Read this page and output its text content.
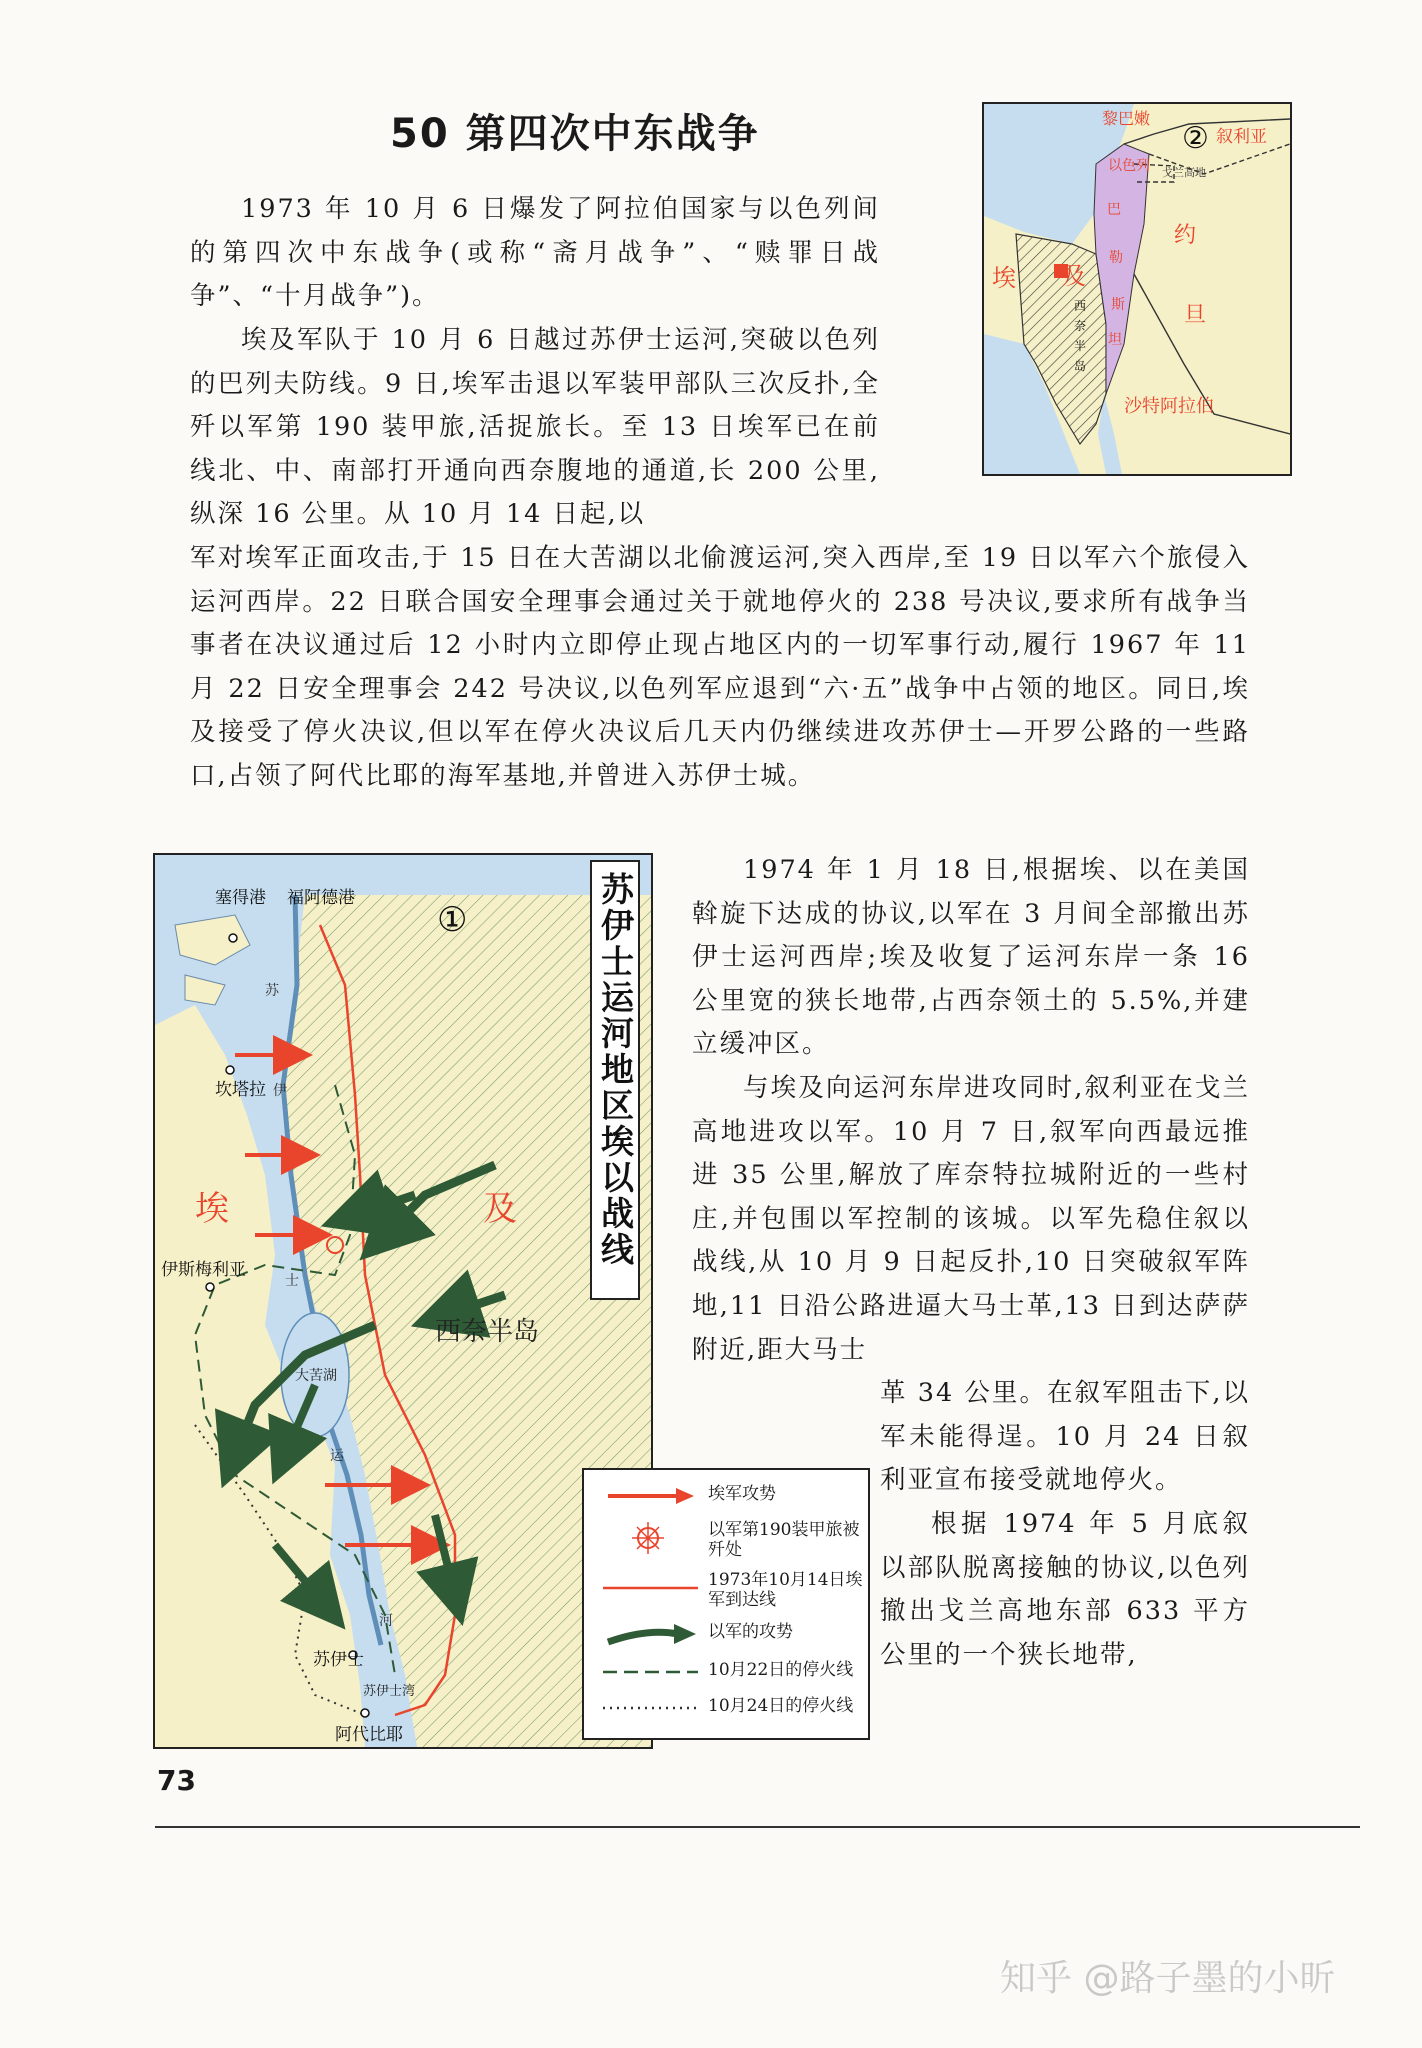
50 第四次中东战争	黎巴嫩
叙利亚
②
戈兰高地
以色列
约
旦
巴
勒
斯
坦
埃 及
西
奈
半
岛
沙特阿拉伯

1973 年 10 月 6 日爆发了阿拉伯国家与以色列间的第四次中东战争(或称“斋月战争”、“赎罪日战争”、“十月战争”)。

埃及军队于 10 月 6 日越过苏伊士运河,突破以色列的巴列夫防线。9 日,埃军击退以军装甲部队三次反扑,全歼以军第 190 装甲旅,活捉旅长。至 13 日埃军已在前线北、中、南部打开通向西奈腹地的通道,长 200 公里,纵深 16 公里。从 10 月 14 日起,以

军对埃军正面攻击,于 15 日在大苦湖以北偷渡运河,突入西岸,至 19 日以军六个旅侵入运河西岸。22 日联合国安全理事会通过关于就地停火的 238 号决议,要求所有战争当事者在决议通过后 12 小时内立即停止现占地区内的一切军事行动,履行 1967 年 11 月 22 日安全理事会 242 号决议,以色列军应退到“六·五”战争中占领的地区。同日,埃及接受了停火决议,但以军在停火决议后几天内仍继续进攻苏伊士—开罗公路的一些路口,占领了阿代比耶的海军基地,并曾进入苏伊士城。

塞得港 福阿德港
①
苏
坎塔拉 伊
埃	及
伊斯梅利亚
士
西奈半岛
大苦湖
运
苏伊士
河
苏伊士湾
阿代比耶
苏伊士运河地区埃以战线
埃军攻势
以军第190装甲旅被歼处
1973年10月14日埃军到达线
以军的攻势
10月22日的停火线
10月24日的停火线

1974 年 1 月 18 日,根据埃、以在美国斡旋下达成的协议,以军在 3 月间全部撤出苏伊士运河西岸;埃及收复了运河东岸一条 16 公里宽的狭长地带,占西奈领土的 5.5%,并建立缓冲区。

与埃及向运河东岸进攻同时,叙利亚在戈兰高地进攻以军。10 月 7 日,叙军向西最远推进 35 公里,解放了库奈特拉城附近的一些村庄,并包围以军控制的该城。以军先稳住叙以战线,从 10 月 9 日起反扑,10 日突破叙军阵地,11 日沿公路进逼大马士革,13 日到达萨萨附近,距大马士

革 34 公里。在叙军阻击下,以军未能得逞。10 月 24 日叙利亚宣布接受就地停火。

根据 1974 年 5 月底叙以部队脱离接触的协议,以色列撤出戈兰高地东部 633 平方公里的一个狭长地带,

73
知乎 @路子墨的小昕
